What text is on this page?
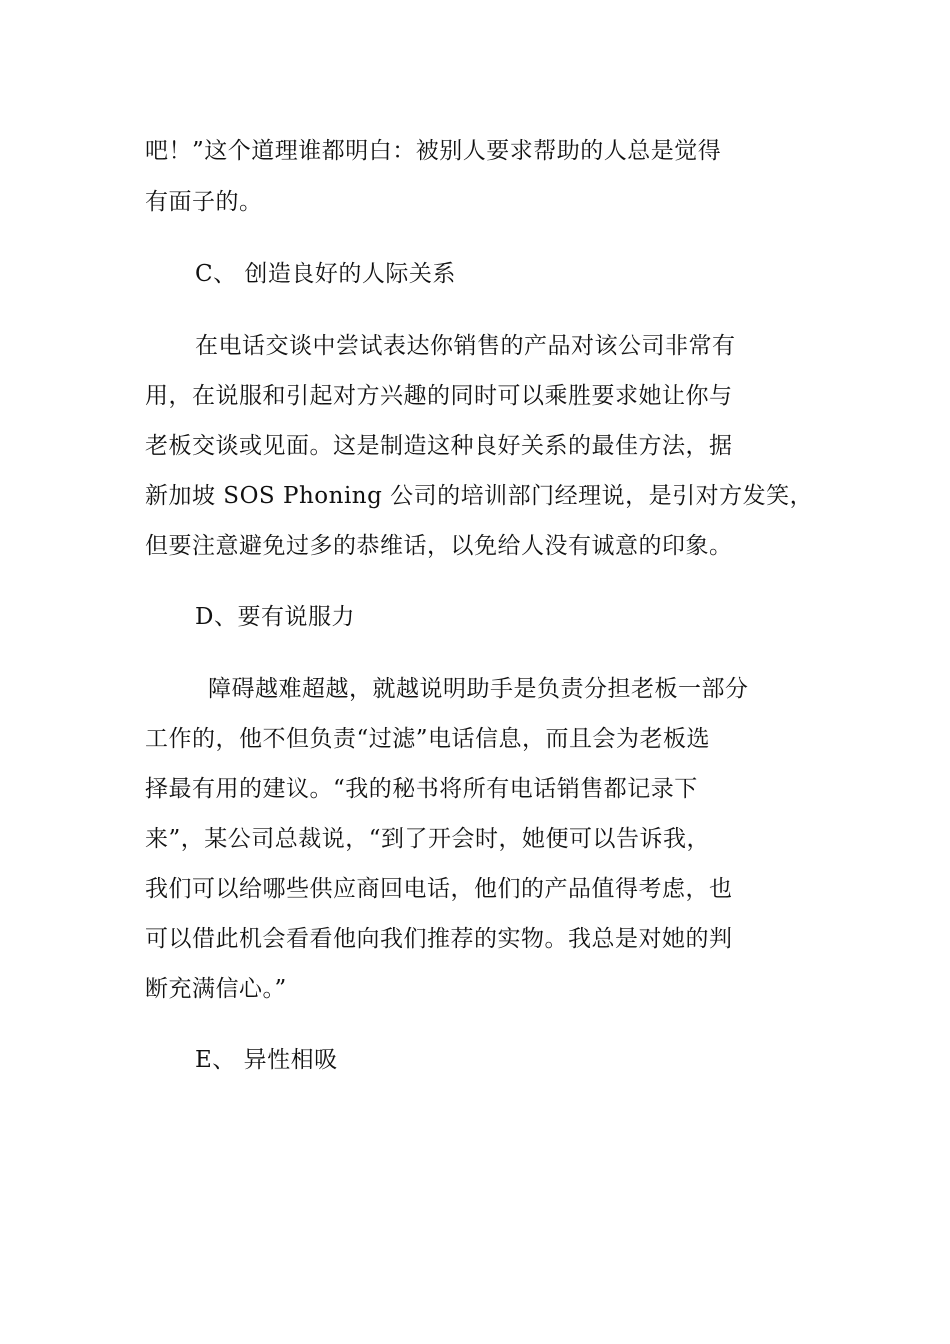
吧！”这个道理谁都明白：被别人要求帮助的人总是觉得
有面子的。
C、 创造良好的人际关系
在电话交谈中尝试表达你销售的产品对该公司非常有
用，在说服和引起对方兴趣的同时可以乘胜要求她让你与
老板交谈或见面。这是制造这种良好关系的最佳方法，据
新加坡 SOS Phoning 公司的培训部门经理说，是引对方发笑，
但要注意避免过多的恭维话，以免给人没有诚意的印象。
D、要有说服力
障碍越难超越，就越说明助手是负责分担老板一部分
工作的，他不但负责“过滤”电话信息，而且会为老板选
择最有用的建议。“我的秘书将所有电话销售都记录下
来”，某公司总裁说，“到了开会时，她便可以告诉我，
我们可以给哪些供应商回电话，他们的产品值得考虑，也
可以借此机会看看他向我们推荐的实物。我总是对她的判
断充满信心。”
E、 异性相吸
